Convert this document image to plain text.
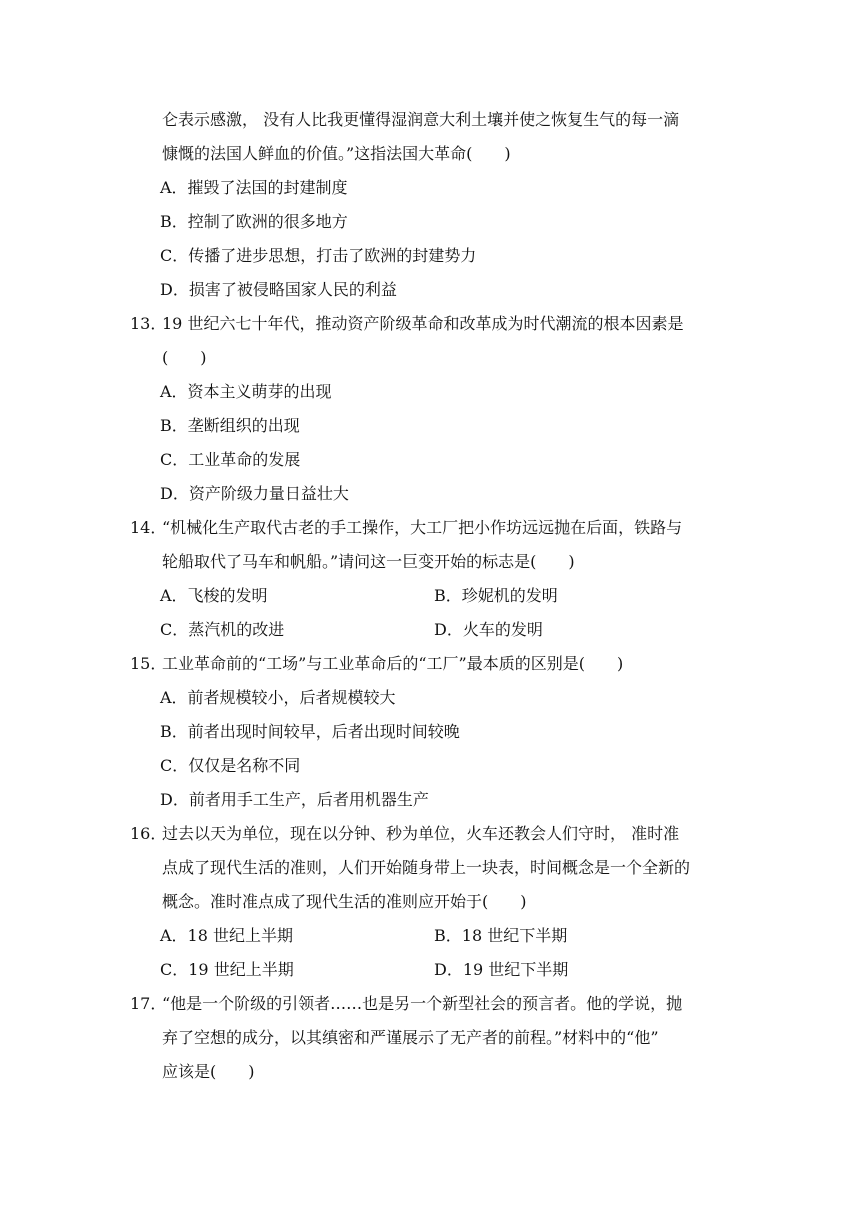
仑表示感激， 没有人比我更懂得湿润意大利土壤并使之恢复生气的每一滴
慷慨的法国人鲜血的价值。”这指法国大革命(　　)
A．摧毁了法国的封建制度
B．控制了欧洲的很多地方
C．传播了进步思想，打击了欧洲的封建势力
D．损害了被侵略国家人民的利益
13．
19 世纪六七十年代，推动资产阶级革命和改革成为时代潮流的根本因素是
(　　)
A．资本主义萌芽的出现
B．垄断组织的出现
C．工业革命的发展
D．资产阶级力量日益壮大
14．
“机械化生产取代古老的手工操作，大工厂把小作坊远远抛在后面，铁路与
轮船取代了马车和帆船。”请问这一巨变开始的标志是(　　)
A．飞梭的发明	B．珍妮机的发明
C．蒸汽机的改进	D．火车的发明
15．
工业革命前的“工场”与工业革命后的“工厂”最本质的区别是(　　)
A．前者规模较小，后者规模较大
B．前者出现时间较早，后者出现时间较晚
C．仅仅是名称不同
D．前者用手工生产，后者用机器生产
16．
过去以天为单位，现在以分钟、秒为单位，火车还教会人们守时， 准时准
点成了现代生活的准则，人们开始随身带上一块表，时间概念是一个全新的
概念。准时准点成了现代生活的准则应开始于(　　)
A．18 世纪上半期	B．18 世纪下半期
C．19 世纪上半期	D．19 世纪下半期
17．
“他是一个阶级的引领者……也是另一个新型社会的预言者。他的学说，抛
弃了空想的成分，以其缜密和严谨展示了无产者的前程。”材料中的“他”
应该是(　　)
